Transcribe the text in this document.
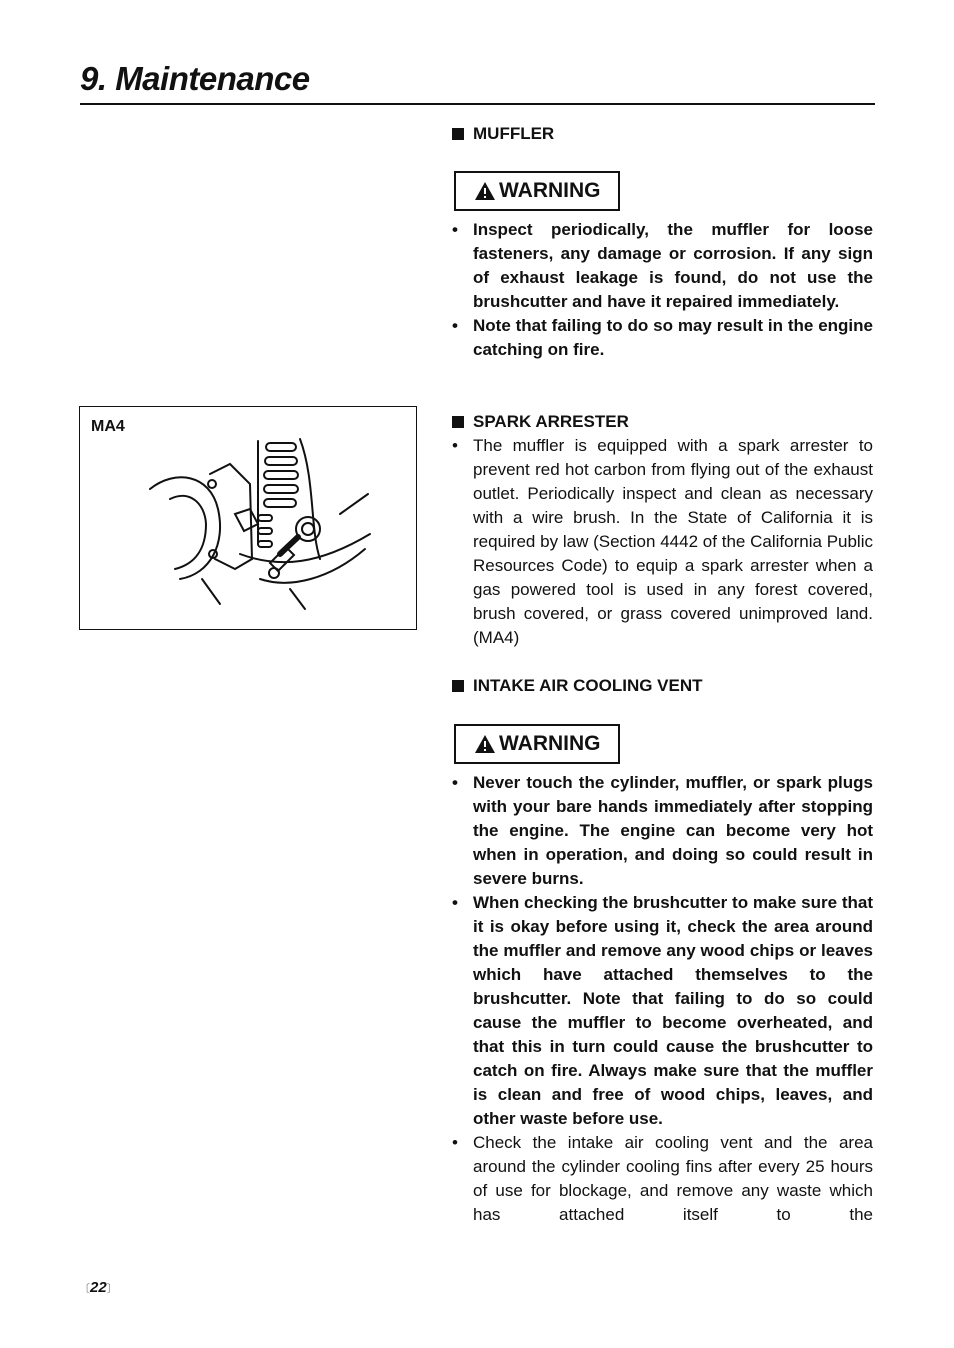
9. Maintenance
MA4
MUFFLER
WARNING
• Inspect periodically, the muffler for loose fasteners, any damage or corrosion. If any sign of exhaust leakage is found, do not use the brushcutter and have it repaired immediately.
• Note that failing to do so may result in the engine catching on fire.
SPARK ARRESTER
• The muffler is equipped with a spark arrester to prevent red hot carbon from flying out of the exhaust outlet. Periodically inspect and clean as necessary with a wire brush. In the State of California it is required by law (Section 4442 of the California Public Resources Code) to equip a spark arrester when a gas powered tool is used in any forest covered, brush covered, or grass covered unimproved land. (MA4)
INTAKE AIR COOLING VENT
WARNING
• Never touch the cylinder, muffler, or spark plugs with your bare hands immediately after stopping the engine. The engine can become very hot when in operation, and doing so could result in severe burns.
• When checking the brushcutter to make sure that it is okay before using it, check the area around the muffler and remove any wood chips or leaves which have attached themselves to the brushcutter. Note that failing to do so could cause the muffler to become overheated, and that this in turn could cause the brushcutter to catch on fire. Always make sure that the muffler is clean and free of wood chips, leaves, and other waste before use.
• Check the intake air cooling vent and the area around the cylinder cooling fins after every 25 hours of use for blockage, and remove any waste which has attached itself to the
〔22〕
